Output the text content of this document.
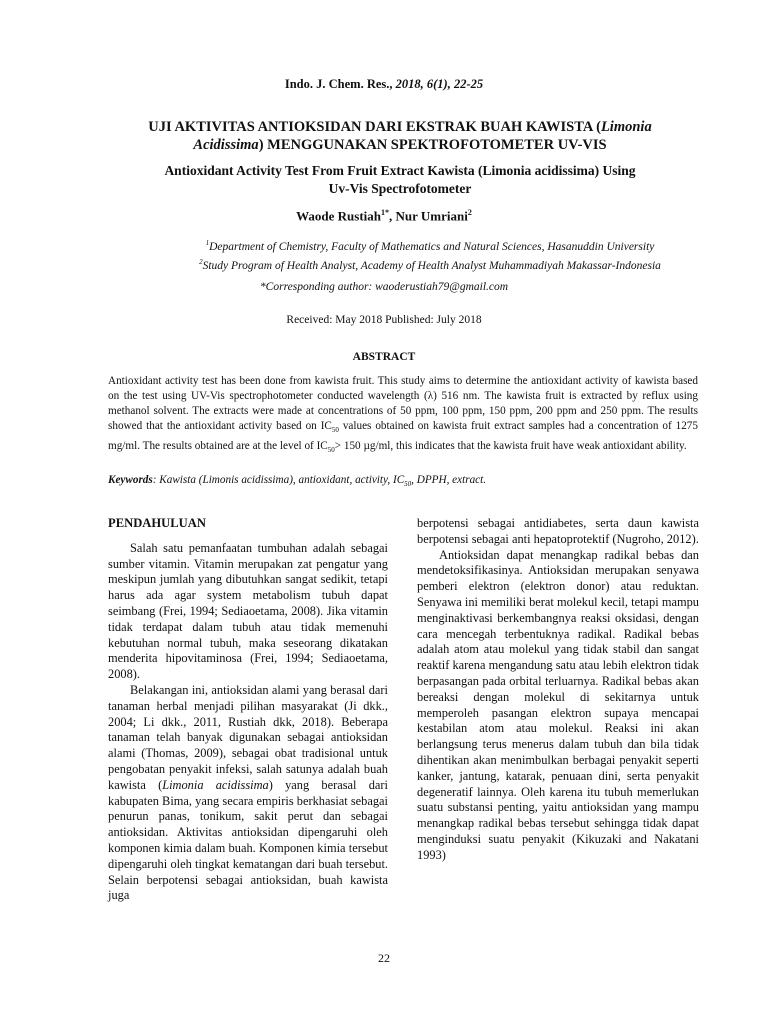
Indo. J. Chem. Res., 2018, 6(1), 22-25
UJI AKTIVITAS ANTIOKSIDAN DARI EKSTRAK BUAH KAWISTA (Limonia Acidissima) MENGGUNAKAN SPEKTROFOTOMETER UV-VIS
Antioxidant Activity Test From Fruit Extract Kawista (Limonia acidissima) Using Uv-Vis Spectrofotometer
Waode Rustiah$^{1*}$, Nur Umriani$^2$
$^1$Department of Chemistry, Faculty of Mathematics and Natural Sciences, Hasanuddin University
$^2$Study Program of Health Analyst, Academy of Health Analyst Muhammadiyah Makassar-Indonesia
*Corresponding author: waoderustiah79@gmail.com
Received: May 2018 Published: July 2018
ABSTRACT
Antioxidant activity test has been done from kawista fruit. This study aims to determine the antioxidant activity of kawista based on the test using UV-Vis spectrophotometer conducted wavelength (λ) 516 nm. The kawista fruit is extracted by reflux using methanol solvent. The extracts were made at concentrations of 50 ppm, 100 ppm, 150 ppm, 200 ppm and 250 ppm. The results showed that the antioxidant activity based on $IC_{50}$ values obtained on kawista fruit extract samples had a concentration of 1275 mg/ml. The results obtained are at the level of $IC_{50}> 150$ µg/ml, this indicates that the kawista fruit have weak antioxidant ability.
Keywords: Kawista (Limonis acidissima), antioxidant, activity, $IC_{50}$, DPPH, extract.
PENDAHULUAN

Salah satu pemanfaatan tumbuhan adalah sebagai sumber vitamin. Vitamin merupakan zat pengatur yang meskipun jumlah yang dibutuhkan sangat sedikit, tetapi harus ada agar system metabolism tubuh dapat seimbang (Frei, 1994; Sediaoetama, 2008). Jika vitamin tidak terdapat dalam tubuh atau tidak memenuhi kebutuhan normal tubuh, maka seseorang dikatakan menderita hipovitaminosa (Frei, 1994; Sediaoetama, 2008).

Belakangan ini, antioksidan alami yang berasal dari tanaman herbal menjadi pilihan masyarakat (Ji dkk., 2004; Li dkk., 2011, Rustiah dkk, 2018). Beberapa tanaman telah banyak digunakan sebagai antioksidan alami (Thomas, 2009), sebagai obat tradisional untuk pengobatan penyakit infeksi, salah satunya adalah buah kawista (Limonia acidissima) yang berasal dari kabupaten Bima, yang secara empiris berkhasiat sebagai penurun panas, tonikum, sakit perut dan sebagai antioksidan. Aktivitas antioksidan dipengaruhi oleh komponen kimia dalam buah. Komponen kimia tersebut dipengaruhi oleh tingkat kematangan dari buah tersebut. Selain berpotensi sebagai antioksidan, buah kawista juga

berpotensi sebagai antidiabetes, serta daun kawista berpotensi sebagai anti hepatoprotektif (Nugroho, 2012).

Antioksidan dapat menangkap radikal bebas dan mendetoksifikasinya. Antioksidan merupakan senyawa pemberi elektron (elektron donor) atau reduktan. Senyawa ini memiliki berat molekul kecil, tetapi mampu menginaktivasi berkembangnya reaksi oksidasi, dengan cara mencegah terbentuknya radikal. Radikal bebas adalah atom atau molekul yang tidak stabil dan sangat reaktif karena mengandung satu atau lebih elektron tidak berpasangan pada orbital terluarnya. Radikal bebas akan bereaksi dengan molekul di sekitarnya untuk memperoleh pasangan elektron supaya mencapai kestabilan atom atau molekul. Reaksi ini akan berlangsung terus menerus dalam tubuh dan bila tidak dihentikan akan menimbulkan berbagai penyakit seperti kanker, jantung, katarak, penuaan dini, serta penyakit degeneratif lainnya. Oleh karena itu tubuh memerlukan suatu substansi penting, yaitu antioksidan yang mampu menangkap radikal bebas tersebut sehingga tidak dapat menginduksi suatu penyakit (Kikuzaki and Nakatani 1993)

22
